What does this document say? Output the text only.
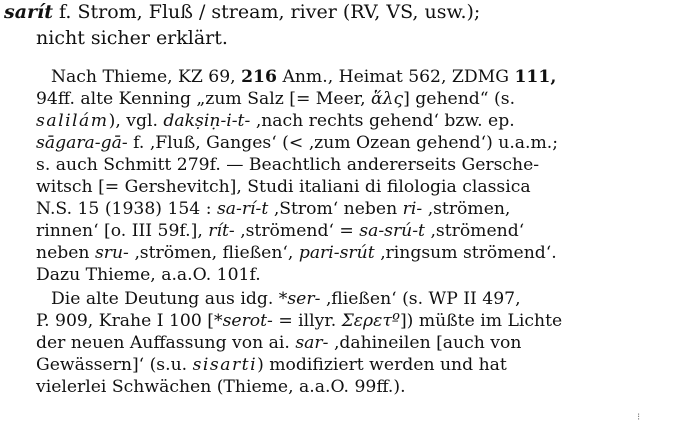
sarít f. Strom, Fluß / stream, river (RV, VS, usw.);
nicht sicher erklärt.
Nach Thieme, KZ 69, 216 Anm., Heimat 562, ZDMG 111,
94ff. alte Kenning „zum Salz [= Meer, ἅλς] gehend“ (s.
salilám), vgl. dakṣiṇ-i-t- ‚nach rechts gehend‘ bzw. ep.
sāgara-gā- f. ‚Fluß, Ganges‘ (< ‚zum Ozean gehend‘) u.a.m.;
s. auch Schmitt 279f. — Beachtlich andererseits Gersche-
witsch [= Gershevitch], Studi italiani di filologia classica
N.S. 15 (1938) 154 : sa-rí-t ‚Strom‘ neben ri- ‚strömen,
rinnen‘ [o. III 59f.], rít- ‚strömend‘ = sa-srú-t ‚strömend‘
neben sru- ‚strömen, fließen‘, pari-srút ‚ringsum strömend‘.
Dazu Thieme, a.a.O. 101f.
Die alte Deutung aus idg. *ser- ‚fließen‘ (s. WP II 497,
P. 909, Krahe I 100 [*serot- = illyr. Σερετº]) müßte im Lichte
der neuen Auffassung von ai. sar- ‚dahineilen [auch von
Gewässern]‘ (s.u. sisarti) modifiziert werden und hat
vielerlei Schwächen (Thieme, a.a.O. 99ff.).
⁝
